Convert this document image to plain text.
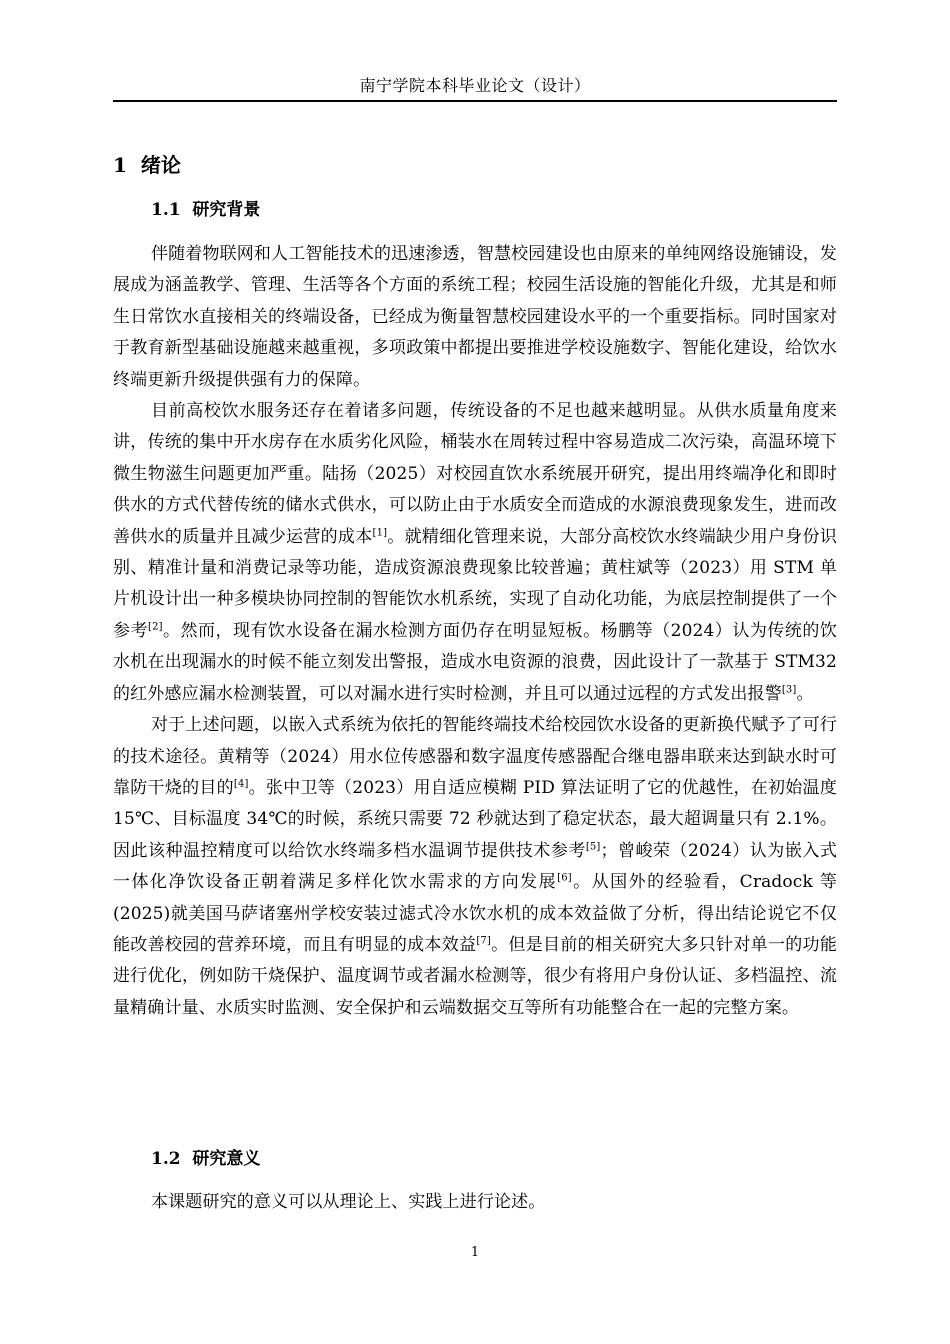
南宁学院本科毕业论文（设计）
1 绪论
1.1 研究背景

伴随着物联网和人工智能技术的迅速渗透，智慧校园建设也由原来的单纯网络设施铺设，发展成为涵盖教学、管理、生活等各个方面的系统工程；校园生活设施的智能化升级，尤其是和师生日常饮水直接相关的终端设备，已经成为衡量智慧校园建设水平的一个重要指标。同时国家对于教育新型基础设施越来越重视，多项政策中都提出要推进学校设施数字、智能化建设，给饮水终端更新升级提供强有力的保障。

目前高校饮水服务还存在着诸多问题，传统设备的不足也越来越明显。从供水质量角度来讲，传统的集中开水房存在水质劣化风险，桶装水在周转过程中容易造成二次污染，高温环境下微生物滋生问题更加严重。陆扬（2025）对校园直饮水系统展开研究，提出用终端净化和即时供水的方式代替传统的储水式供水，可以防止由于水质安全而造成的水源浪费现象发生，进而改善供水的质量并且减少运营的成本[1]。就精细化管理来说，大部分高校饮水终端缺少用户身份识别、精准计量和消费记录等功能，造成资源浪费现象比较普遍；黄柱斌等（2023）用 STM 单片机设计出一种多模块协同控制的智能饮水机系统，实现了自动化功能，为底层控制提供了一个参考[2]。然而，现有饮水设备在漏水检测方面仍存在明显短板。杨鹏等（2024）认为传统的饮水机在出现漏水的时候不能立刻发出警报，造成水电资源的浪费，因此设计了一款基于 STM32 的红外感应漏水检测装置，可以对漏水进行实时检测，并且可以通过远程的方式发出报警[3]。

对于上述问题，以嵌入式系统为依托的智能终端技术给校园饮水设备的更新换代赋予了可行的技术途径。黄精等（2024）用水位传感器和数字温度传感器配合继电器串联来达到缺水时可靠防干烧的目的[4]。张中卫等（2023）用自适应模糊 PID 算法证明了它的优越性，在初始温度 15℃、目标温度 34℃的时候，系统只需要 72 秒就达到了稳定状态，最大超调量只有 2.1%。因此该种温控精度可以给饮水终端多档水温调节提供技术参考[5]；曾峻荣（2024）认为嵌入式一体化净饮设备正朝着满足多样化饮水需求的方向发展[6]。从国外的经验看，Cradock 等(2025)就美国马萨诸塞州学校安装过滤式冷水饮水机的成本效益做了分析，得出结论说它不仅能改善校园的营养环境，而且有明显的成本效益[7]。但是目前的相关研究大多只针对单一的功能进行优化，例如防干烧保护、温度调节或者漏水检测等，很少有将用户身份认证、多档温控、流量精确计量、水质实时监测、安全保护和云端数据交互等所有功能整合在一起的完整方案。

1.2 研究意义

本课题研究的意义可以从理论上、实践上进行论述。

1
